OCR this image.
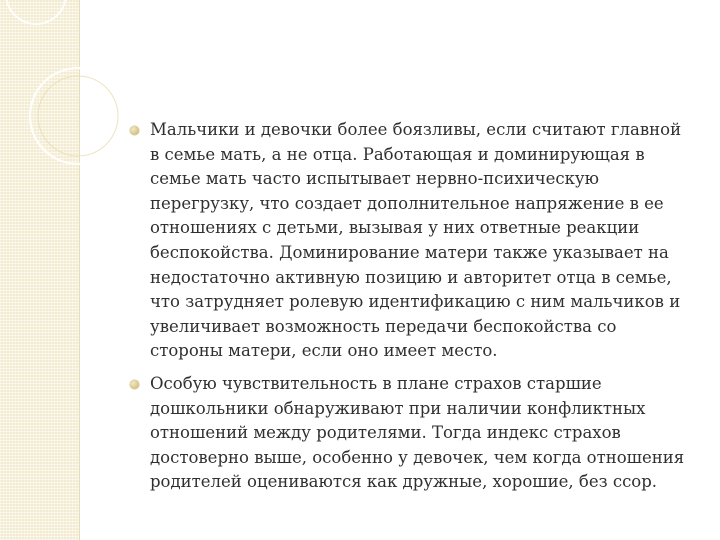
Мальчики и девочки более боязливы, если считают главной в семье мать, а не отца. Работающая и доминирующая в семье мать часто испытывает нервно-психическую перегрузку, что создает дополнительное напряжение в ее отношениях с детьми, вызывая у них ответные реакции беспокойства. Доминирование матери также указывает на недостаточно активную позицию и авторитет отца в семье, что затрудняет ролевую идентификацию с ним мальчиков и увеличивает возможность передачи беспокойства со стороны матери, если оно имеет место.
Особую чувствительность в плане страхов старшие дошкольники обнаруживают при наличии конфликтных отношений между родителями. Тогда индекс страхов достоверно выше, особенно у девочек, чем когда отношения родителей оцениваются как дружные, хорошие, без ссор.
